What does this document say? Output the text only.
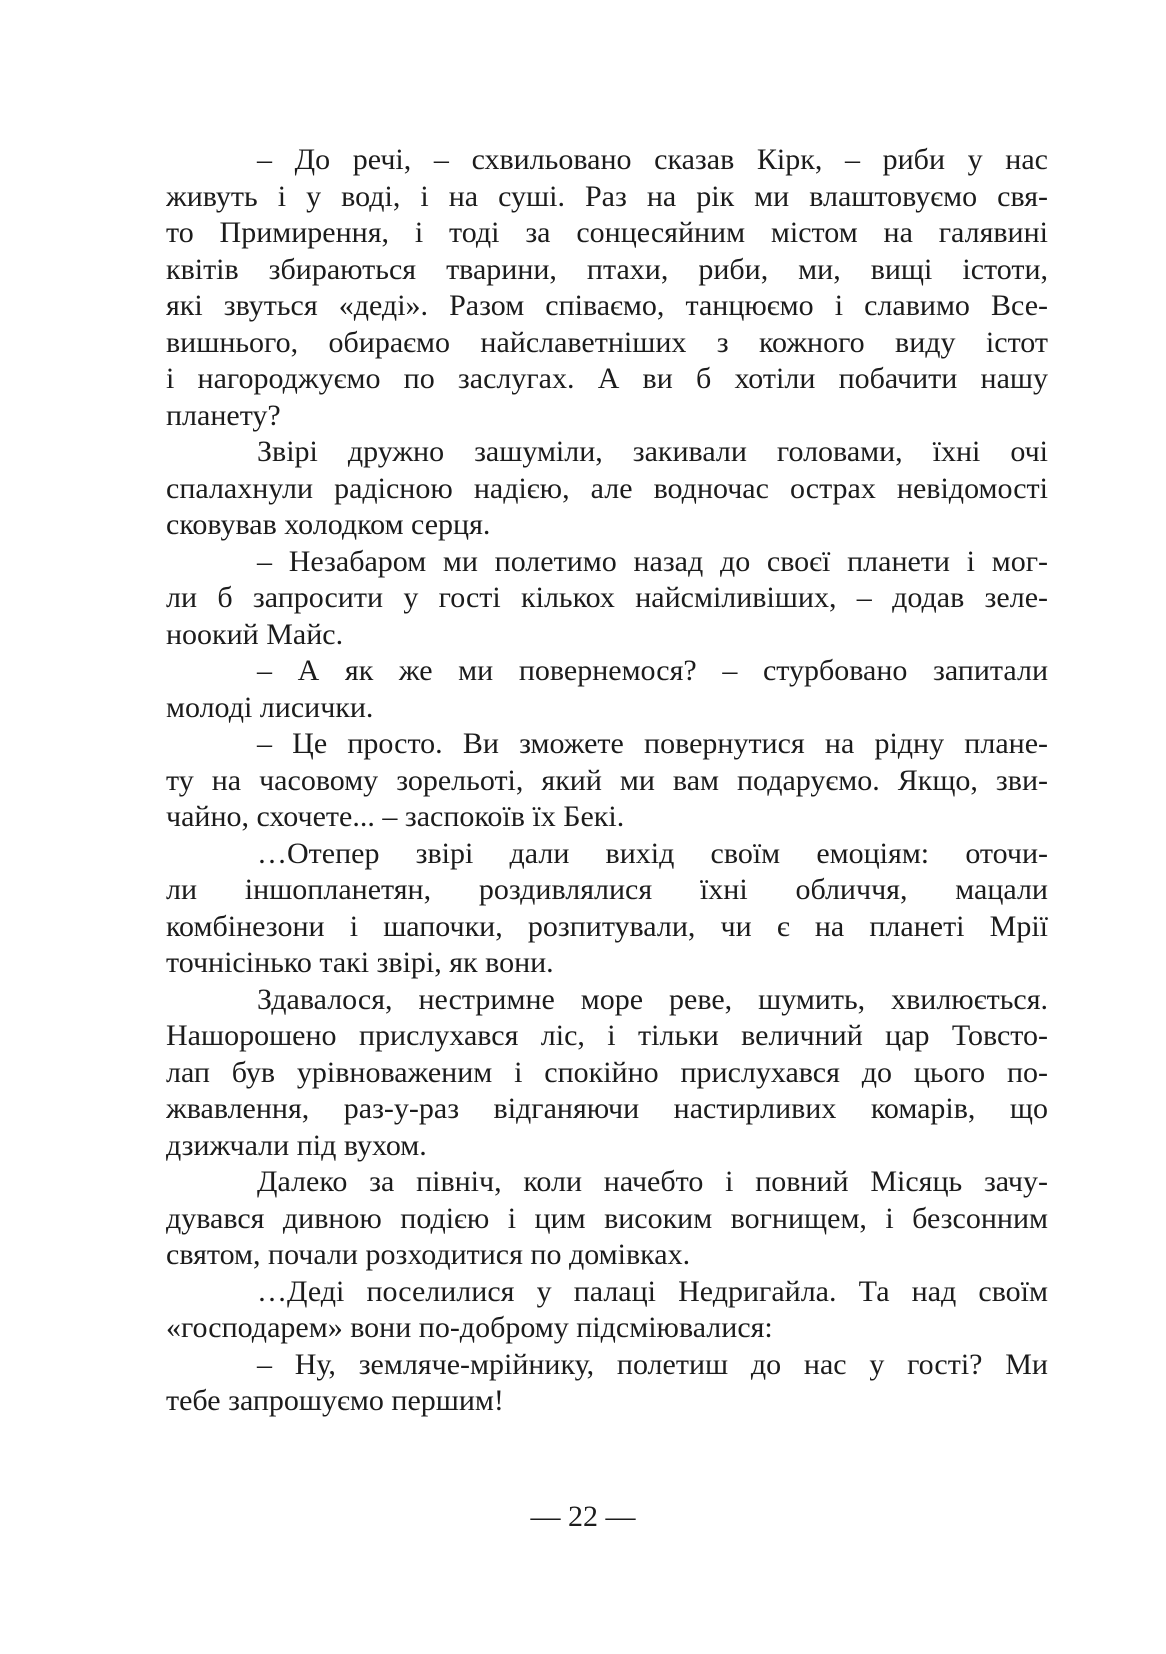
– До речі, – схвильовано сказав Кірк, – риби у нас
живуть і у воді, і на суші. Раз на рік ми влаштовуємо свя-
то Примирення, і тоді за сонцесяйним містом на галявині
квітів збираються тварини, птахи, риби, ми, вищі істоти,
які звуться «деді». Разом співаємо, танцюємо і славимо Все-
вишнього, обираємо найславетніших з кожного виду істот
і нагороджуємо по заслугах. А ви б хотіли побачити нашу
планету?
Звірі дружно зашуміли, закивали головами, їхні очі
спалахнули радісною надією, але водночас острах невідомості
сковував холодком серця.
– Незабаром ми полетимо назад до своєї планети і мог-
ли б запросити у гості кількох найсміливіших, – додав зеле-
ноокий Майс.
– А як же ми повернемося? – стурбовано запитали
молоді лисички.
– Це просто. Ви зможете повернутися на рідну плане-
ту на часовому зорельоті, який ми вам подаруємо. Якщо, зви-
чайно, схочете... – заспокоїв їх Бекі.
…Отепер звірі дали вихід своїм емоціям: оточи-
ли іншопланетян, роздивлялися їхні обличчя, мацали
комбінезони і шапочки, розпитували, чи є на планеті Мрії
точнісінько такі звірі, як вони.
Здавалося, нестримне море реве, шумить, хвилюється.
Нашорошено прислухався ліс, і тільки величний цар Товсто-
лап був урівноваженим і спокійно прислухався до цього по-
жвавлення, раз-у-раз відганяючи настирливих комарів, що
дзижчали під вухом.
Далеко за північ, коли начебто і повний Місяць зачу-
дувався дивною подією і цим високим вогнищем, і безсонним
святом, почали розходитися по домівках.
…Деді поселилися у палаці Недригайла. Та над своїм
«господарем» вони по-доброму підсміювалися:
– Ну, земляче-мрійнику, полетиш до нас у гості? Ми
тебе запрошуємо першим!
— 22 —
